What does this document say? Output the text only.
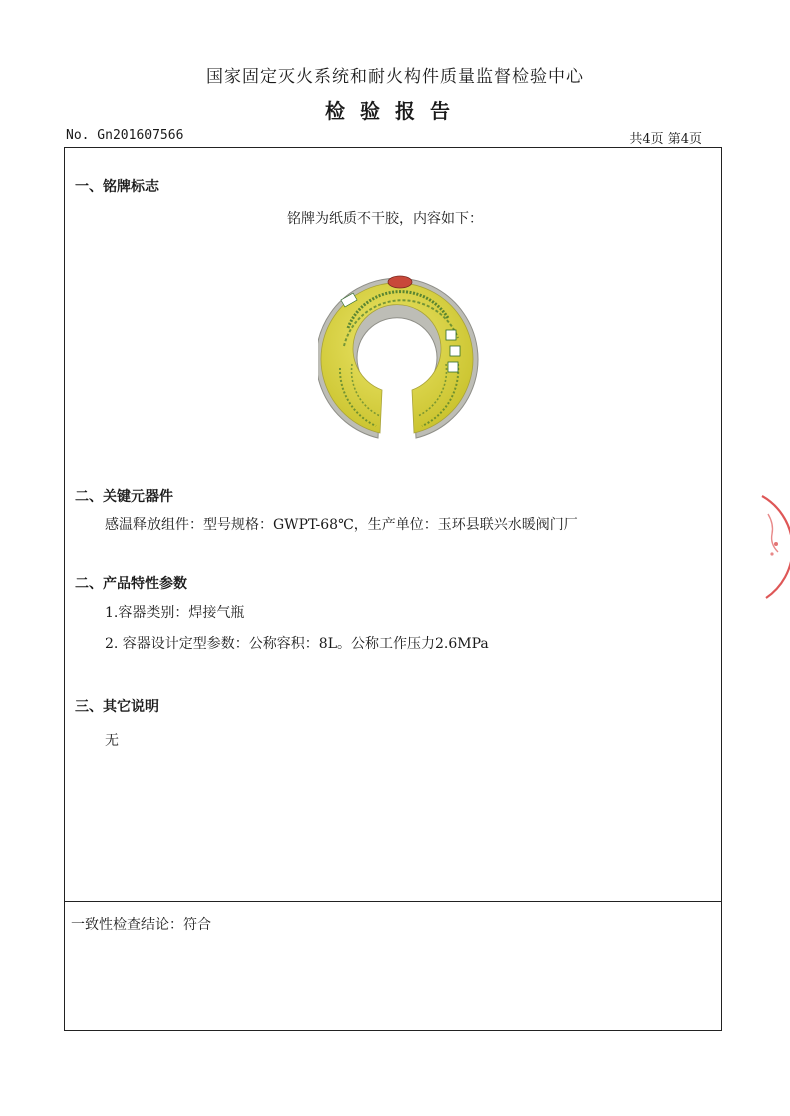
国家固定灭火系统和耐火构件质量监督检验中心
检验报告
No. Gn201607566	共4页 第4页
一、铭牌标志
铭牌为纸质不干胶，内容如下：
二、关键元器件
感温释放组件：型号规格：GWPT-68℃，生产单位：玉环县联兴水暖阀门厂
二、产品特性参数
1.容器类别：焊接气瓶
2. 容器设计定型参数：公称容积：8L。公称工作压力2.6MPa
三、其它说明
无
一致性检查结论：符合
